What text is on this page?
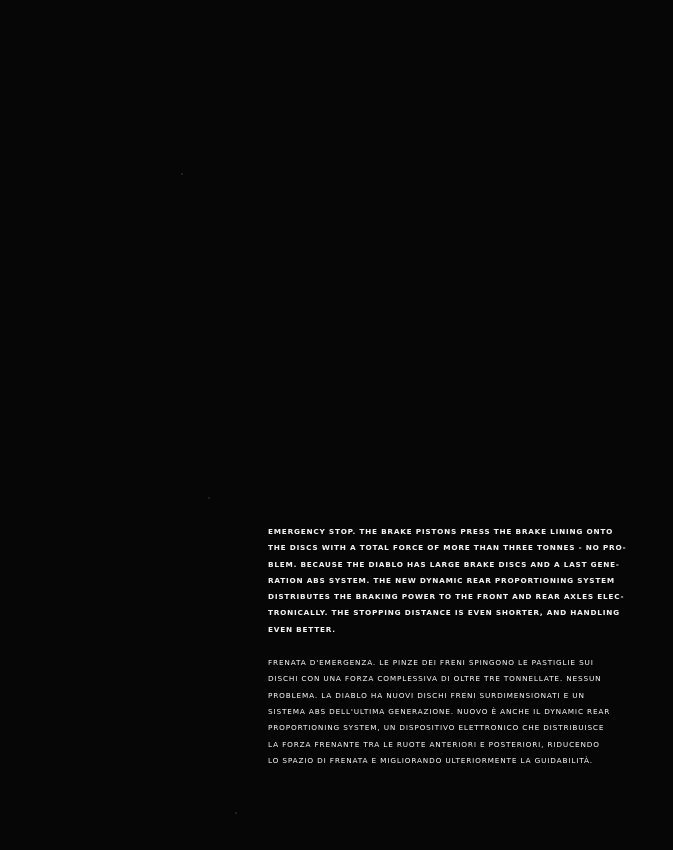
EMERGENCY STOP. THE BRAKE PISTONS PRESS THE BRAKE LINING ONTO
THE DISCS WITH A TOTAL FORCE OF MORE THAN THREE TONNES - NO PRO-
BLEM. BECAUSE THE DIABLO HAS LARGE BRAKE DISCS AND A LAST GENE-
RATION ABS SYSTEM. THE NEW DYNAMIC REAR PROPORTIONING SYSTEM
DISTRIBUTES THE BRAKING POWER TO THE FRONT AND REAR AXLES ELEC-
TRONICALLY. THE STOPPING DISTANCE IS EVEN SHORTER, AND HANDLING
EVEN BETTER.
FRENATA D'EMERGENZA. LE PINZE DEI FRENI SPINGONO LE PASTIGLIE SUI
DISCHI CON UNA FORZA COMPLESSIVA DI OLTRE TRE TONNELLATE. NESSUN
PROBLEMA. LA DIABLO HA NUOVI DISCHI FRENI SURDIMENSIONATI E UN
SISTEMA ABS DELL'ULTIMA GENERAZIONE. NUOVO È ANCHE IL DYNAMIC REAR
PROPORTIONING SYSTEM, UN DISPOSITIVO ELETTRONICO CHE DISTRIBUISCE
LA FORZA FRENANTE TRA LE RUOTE ANTERIORI E POSTERIORI, RIDUCENDO
LO SPAZIO DI FRENATA E MIGLIORANDO ULTERIORMENTE LA GUIDABILITÀ.
